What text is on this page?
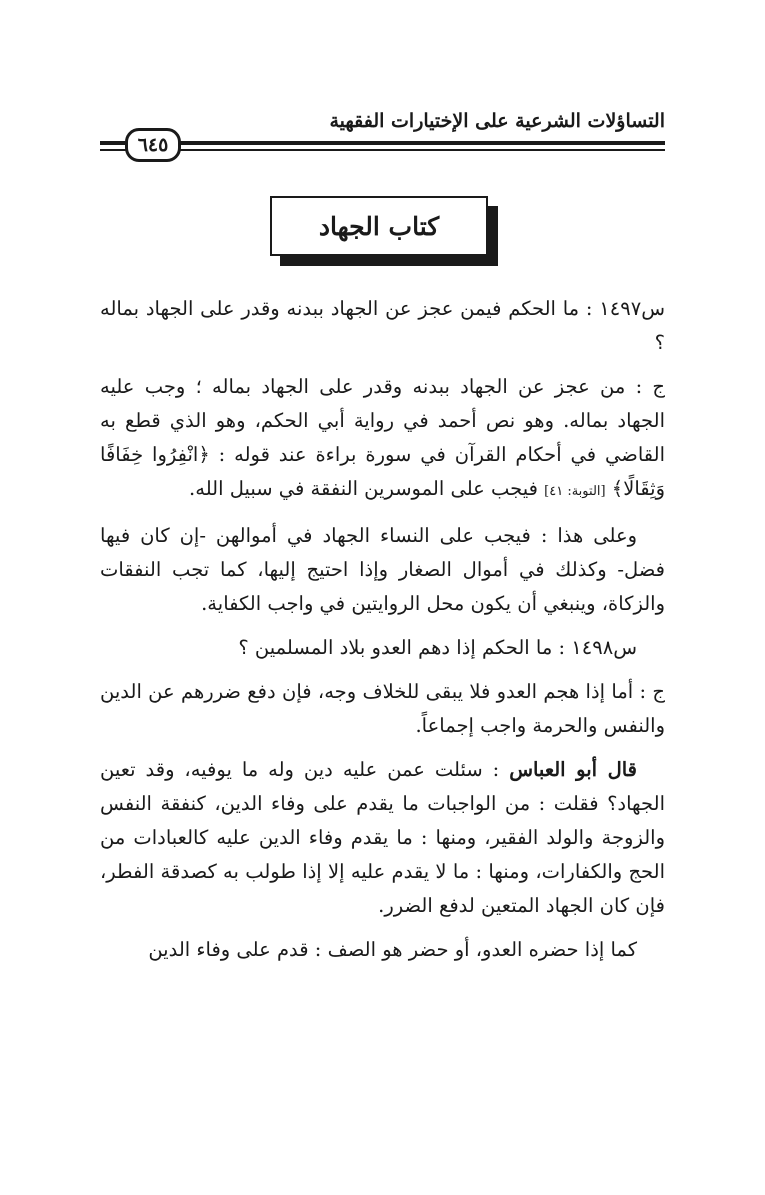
التساؤلات الشرعية على الإختيارات الفقهية
٦٤٥
كتاب الجهاد

س١٤٩٧ : ما الحكم فيمن عجز عن الجهاد ببدنه وقدر على الجهاد بماله ؟

ج : من عجز عن الجهاد ببدنه وقدر على الجهاد بماله ؛ وجب عليه الجهاد بماله. وهو نص أحمد في رواية أبي الحكم، وهو الذي قطع به القاضي في أحكام القرآن في سورة براءة عند قوله : ﴿انْفِرُوا خِفَافًا وَثِقَالًا﴾ [التوبة: ٤١] فيجب على الموسرين النفقة في سبيل الله.

وعلى هذا : فيجب على النساء الجهاد في أموالهن -إن كان فيها فضل- وكذلك في أموال الصغار وإذا احتيج إليها، كما تجب النفقات والزكاة، وينبغي أن يكون محل الروايتين في واجب الكفاية.

س١٤٩٨ : ما الحكم إذا دهم العدو بلاد المسلمين ؟

ج : أما إذا هجم العدو فلا يبقى للخلاف وجه، فإن دفع ضررهم عن الدين والنفس والحرمة واجب إجماعاً.

قال أبو العباس : سئلت عمن عليه دين وله ما يوفيه، وقد تعين الجهاد؟ فقلت : من الواجبات ما يقدم على وفاء الدين، كنفقة النفس والزوجة والولد الفقير، ومنها : ما يقدم وفاء الدين عليه كالعبادات من الحج والكفارات، ومنها : ما لا يقدم عليه إلا إذا طولب به كصدقة الفطر، فإن كان الجهاد المتعين لدفع الضرر.

كما إذا حضره العدو، أو حضر هو الصف : قدم على وفاء الدين
